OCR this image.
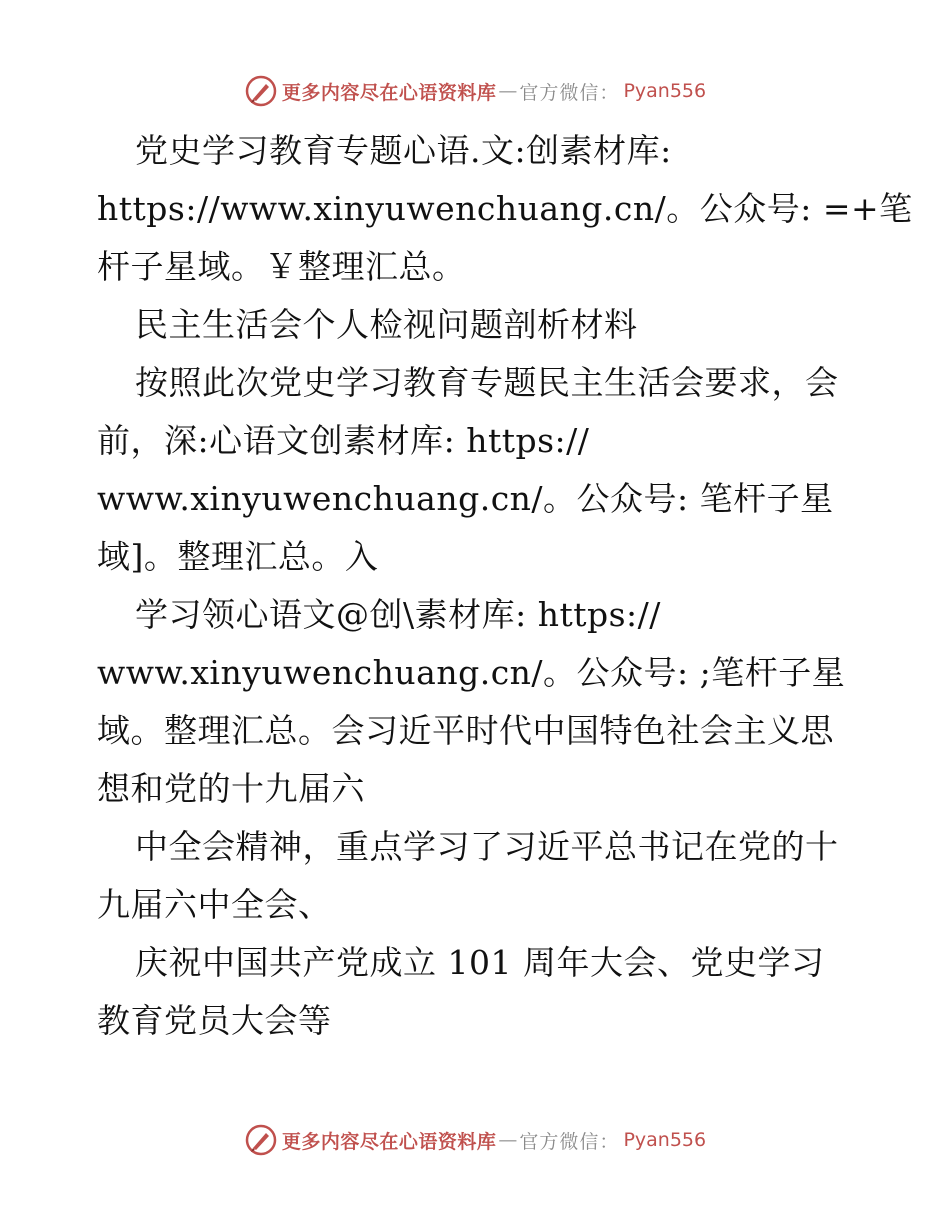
更多内容尽在心语资料库 — 官方微信： Pyan556
党史学习教育专题心语.文:创素材库:
https://www.xinyuwenchuang.cn/。公众号: =+笔
杆子星域。￥整理汇总。
民主生活会个人检视问题剖析材料
按照此次党史学习教育专题民主生活会要求，会
前，深:心语文创素材库: https://
www.xinyuwenchuang.cn/。公众号: 笔杆子星
域]。整理汇总。入
学习领心语文@创\素材库: https://
www.xinyuwenchuang.cn/。公众号: ;笔杆子星
域。整理汇总。会习近平时代中国特色社会主义思
想和党的十九届六
中全会精神，重点学习了习近平总书记在党的十
九届六中全会、
庆祝中国共产党成立 101 周年大会、党史学习
教育党员大会等
更多内容尽在心语资料库 — 官方微信： Pyan556
